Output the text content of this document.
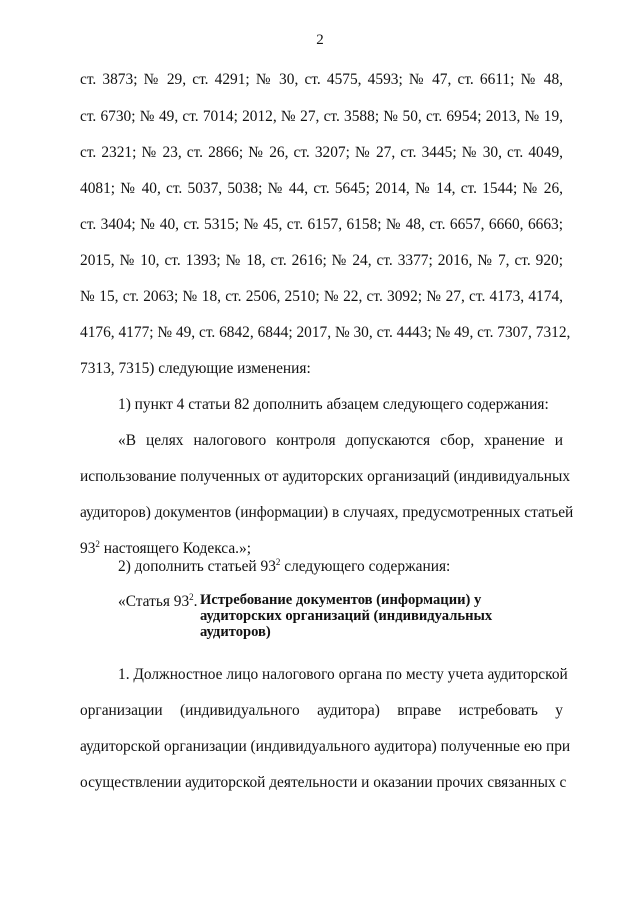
2
ст. 3873; № 29, ст. 4291; № 30, ст. 4575, 4593; № 47, ст. 6611; № 48,
ст. 6730; № 49, ст. 7014; 2012, № 27, ст. 3588; № 50, ст. 6954; 2013, № 19,
ст. 2321; № 23, ст. 2866; № 26, ст. 3207; № 27, ст. 3445; № 30, ст. 4049,
4081; № 40, ст. 5037, 5038; № 44, ст. 5645; 2014, № 14, ст. 1544; № 26,
ст. 3404; № 40, ст. 5315; № 45, ст. 6157, 6158; № 48, ст. 6657, 6660, 6663;
2015, № 10, ст. 1393; № 18, ст. 2616; № 24, ст. 3377; 2016, № 7, ст. 920;
№ 15, ст. 2063; № 18, ст. 2506, 2510; № 22, ст. 3092; № 27, ст. 4173, 4174,
4176, 4177; № 49, ст. 6842, 6844; 2017, № 30, ст. 4443; № 49, ст. 7307, 7312,
7313, 7315) следующие изменения:
1) пункт 4 статьи 82 дополнить абзацем следующего содержания:
«В целях налогового контроля допускаются сбор, хранение и
использование полученных от аудиторских организаций (индивидуальных
аудиторов) документов (информации) в случаях, предусмотренных статьей
$93^2$ настоящего Кодекса.»;
2) дополнить статьей $93^2$ следующего содержания:
«Статья $93^2$. Истребование документов (информации) у аудиторских организаций (индивидуальных аудиторов)
1. Должностное лицо налогового органа по месту учета аудиторской
организации (индивидуального аудитора) вправе истребовать у
аудиторской организации (индивидуального аудитора) полученные ею при
осуществлении аудиторской деятельности и оказании прочих связанных с
